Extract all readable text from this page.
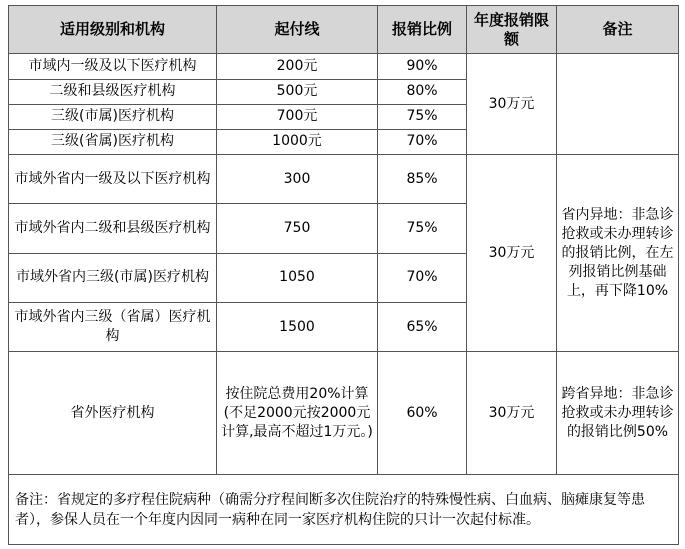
适用级别和机构	起付线	报销比例	年度报销限额	备注
市域内一级及以下医疗机构	200元	90%	30万元	
二级和县级医疗机构	500元	80%		
三级(市属)医疗机构	700元	75%		
三级(省属)医疗机构	1000元	70%		
市域外省内一级及以下医疗机构	300	85%	30万元	省内异地：非急诊抢救或未办理转诊的报销比例，在左列报销比例基础上，再下降10%
市域外省内二级和县级医疗机构	750	75%		
市域外省内三级(市属)医疗机构	1050	70%		
市域外省内三级（省属）医疗机构	1500	65%		
省外医疗机构	按住院总费用20%计算(不足2000元按2000元计算,最高不超过1万元。)	60%	30万元	跨省异地：非急诊抢救或未办理转诊的报销比例50%
备注：省规定的多疗程住院病种（确需分疗程间断多次住院治疗的特殊慢性病、白血病、脑瘫康复等患者），参保人员在一个年度内因同一病种在同一家医疗机构住院的只计一次起付标准。				
